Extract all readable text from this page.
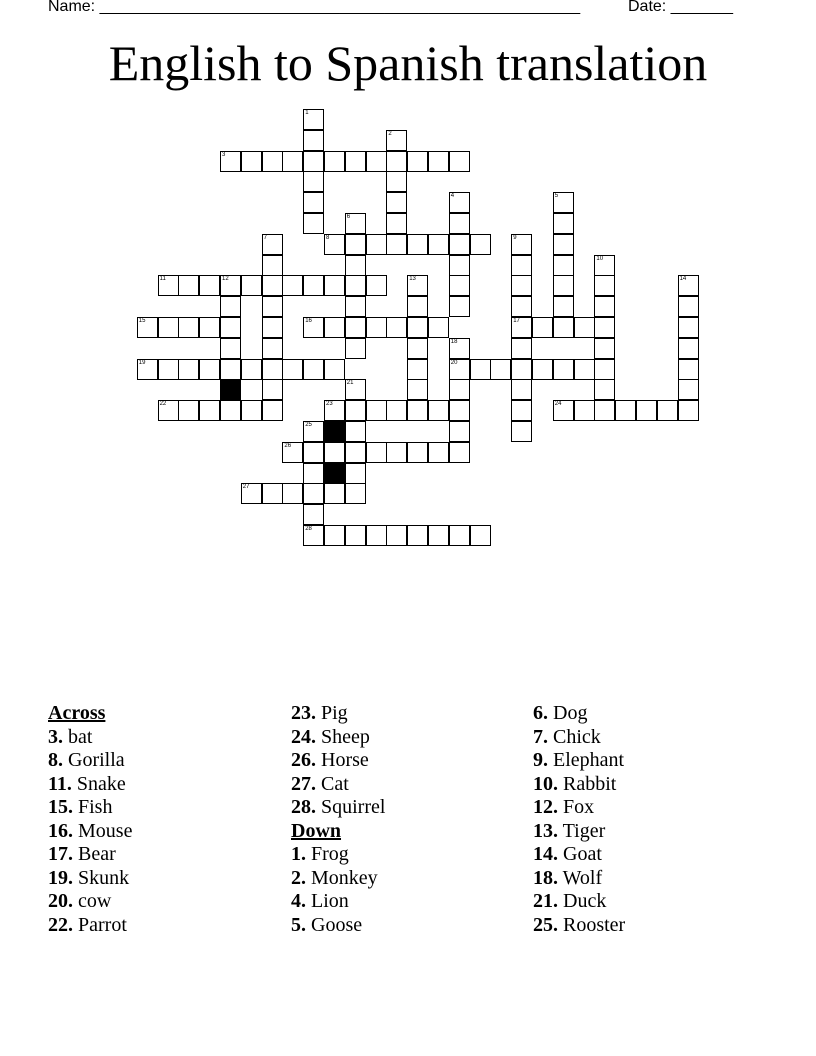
Name: ______________________________________________________	Date: _______
English to Spanish translation
1
2
3
4	5
6
7	8	9
17
10
11	12	13	14
15	16
18
20
19
21
22	23	24
25
28
26
27
Across
3. bat
8. Gorilla
11. Snake
15. Fish
16. Mouse
17. Bear
19. Skunk
20. cow
22. Parrot
23. Pig
24. Sheep
26. Horse
27. Cat
28. Squirrel
Down
1. Frog
2. Monkey
4. Lion
5. Goose
6. Dog
7. Chick
9. Elephant
10. Rabbit
12. Fox
13. Tiger
14. Goat
18. Wolf
21. Duck
25. Rooster
